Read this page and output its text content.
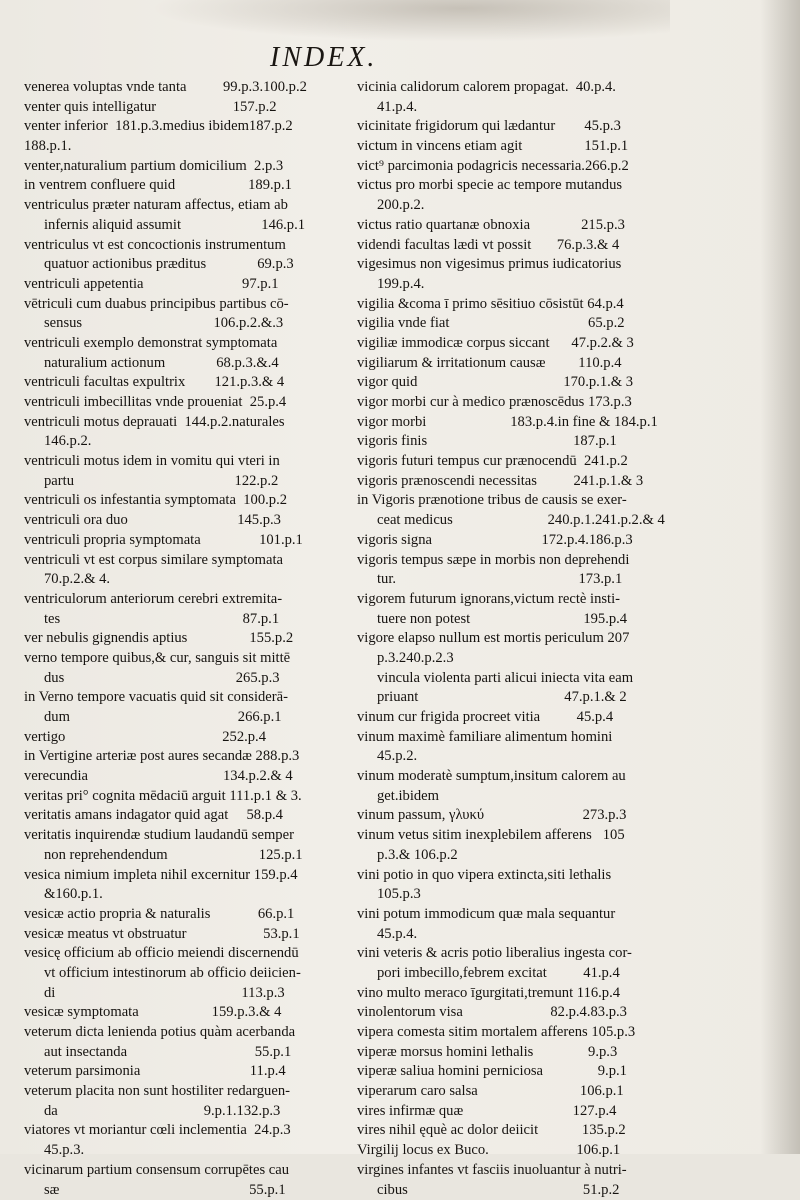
INDEX.
venerea voluptas vnde tanta          99.p.3.100.p.2
venter quis intelligatur                     157.p.2
venter inferior  181.p.3.medius ibidem187.p.2
188.p.1.
venter,naturalium partium domicilium  2.p.3
in ventrem confluere quid                    189.p.1
ventriculus præter naturam affectus, etiam ab
infernis aliquid assumit                      146.p.1
ventriculus vt est concoctionis instrumentum
quatuor actionibus præditus              69.p.3
ventriculi appetentia                           97.p.1
vētriculi cum duabus principibus partibus cō-
sensus                                    106.p.2.&.3
ventriculi exemplo demonstrat symptomata
naturalium actionum              68.p.3.&.4
ventriculi facultas expultrix        121.p.3.& 4
ventriculi imbecillitas vnde proueniat  25.p.4
ventriculi motus deprauati  144.p.2.naturales
146.p.2.
ventriculi motus idem in vomitu qui vteri in
partu                                            122.p.2
ventriculi os infestantia symptomata  100.p.2
ventriculi ora duo                              145.p.3
ventriculi propria symptomata                101.p.1
ventriculi vt est corpus similare symptomata
70.p.2.& 4.
ventriculorum anteriorum cerebri extremita-
tes                                                  87.p.1
ver nebulis gignendis aptius                 155.p.2
verno tempore quibus,& cur, sanguis sit mittē
dus                                               265.p.3
in Verno tempore vacuatis quid sit considerā-
dum                                              266.p.1
vertigo                                           252.p.4
in Vertigine arteriæ post aures secandæ 288.p.3
verecundia                                     134.p.2.& 4
veritas pri° cognita mēdaciū arguit 111.p.1 & 3.
veritatis amans indagator quid agat     58.p.4
veritatis inquirendæ studium laudandū semper
non reprehendendum                         125.p.1
vesica nimium impleta nihil excernitur 159.p.4
&160.p.1.
vesicæ actio propria & naturalis             66.p.1
vesicæ meatus vt obstruatur                     53.p.1
vesicę officium ab officio meiendi discernendū
vt officium intestinorum ab officio deiicien-
di                                                   113.p.3
vesicæ symptomata                    159.p.3.& 4
veterum dicta lenienda potius quàm acerbanda
aut insectanda                                   55.p.1
veterum parsimonia                              11.p.4
veterum placita non sunt hostiliter redarguen-
da                                        9.p.1.132.p.3
viatores vt moriantur cœli inclementia  24.p.3
45.p.3.
vicinarum partium consensum corrupētes cau
sæ                                                    55.p.1
vicinia calidorum calorem propagat.  40.p.4.
41.p.4.
vicinitate frigidorum qui lædantur        45.p.3
victum in vincens etiam agit                 151.p.1
vict⁹ parcimonia podagricis necessaria.266.p.2
victus pro morbi specie ac tempore mutandus
200.p.2.
victus ratio quartanæ obnoxia              215.p.3
videndi facultas lædi vt possit       76.p.3.& 4
vigesimus non vigesimus primus iudicatorius
199.p.4.
vigilia &coma ī primo sēsitiuo cōsistūt 64.p.4
vigilia vnde fiat                                      65.p.2
vigiliæ immodicæ corpus siccant      47.p.2.& 3
vigiliarum & irritationum causæ         110.p.4
vigor quid                                        170.p.1.& 3
vigor morbi cur à medico prænoscēdus 173.p.3
vigor morbi                       183.p.4.in fine & 184.p.1
vigoris finis                                        187.p.1
vigoris futuri tempus cur prænocendū  241.p.2
vigoris prænoscendi necessitas          241.p.1.& 3
in Vigoris prænotione tribus de causis se exer-
ceat medicus                          240.p.1.241.p.2.& 4
vigoris signa                              172.p.4.186.p.3
vigoris tempus sæpe in morbis non deprehendi
tur.                                                  173.p.1
vigorem futurum ignorans,victum rectè insti-
tuere non potest                               195.p.4
vigore elapso nullum est mortis periculum 207
p.3.240.p.2.3
vincula violenta parti alicui iniecta vita eam
priuant                                        47.p.1.& 2
vinum cur frigida procreet vitia          45.p.4
vinum maximè familiare alimentum homini
45.p.2.
vinum moderatè sumptum,insitum calorem au
get.ibidem
vinum passum, γλυκύ                           273.p.3
vinum vetus sitim inexplebilem afferens   105
p.3.& 106.p.2
vini potio in quo vipera extincta,siti lethalis
105.p.3
vini potum immodicum quæ mala sequantur
45.p.4.
vini veteris & acris potio liberalius ingesta cor-
pori imbecillo,febrem excitat          41.p.4
vino multo meraco īgurgitati,tremunt 116.p.4
vinolentorum visa                        82.p.4.83.p.3
vipera comesta sitim mortalem afferens 105.p.3
viperæ morsus homini lethalis               9.p.3
viperæ saliua homini perniciosa               9.p.1
viperarum caro salsa                            106.p.1
vires infirmæ quæ                              127.p.4
vires nihil ęquè ac dolor deiicit            135.p.2
Virgilij locus ex Buco.                        106.p.1
virgines infantes vt fasciis inuoluantur à nutri-
cibus                                                51.p.2
